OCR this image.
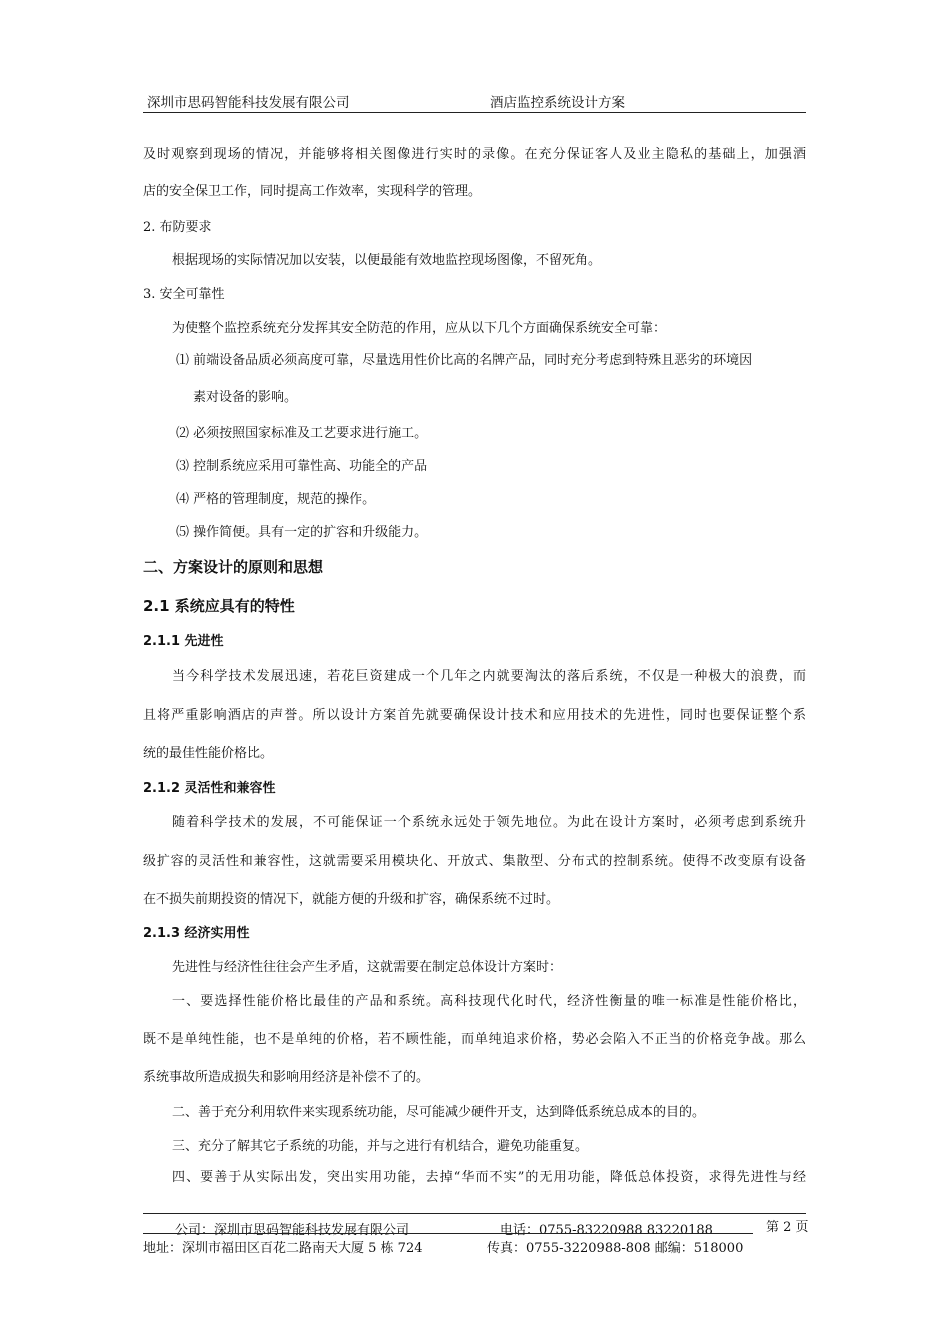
深圳市思码智能科技发展有限公司	酒店监控系统设计方案
及时观察到现场的情况，并能够将相关图像进行实时的录像。在充分保证客人及业主隐私的基础上，加强酒
店的安全保卫工作，同时提高工作效率，实现科学的管理。
2. 布防要求
根据现场的实际情况加以安装，以便最能有效地监控现场图像，不留死角。
3. 安全可靠性
为使整个监控系统充分发挥其安全防范的作用，应从以下几个方面确保系统安全可靠：
⑴ 前端设备品质必须高度可靠，尽量选用性价比高的名牌产品，同时充分考虑到特殊且恶劣的环境因
素对设备的影响。
⑵ 必须按照国家标准及工艺要求进行施工。
⑶ 控制系统应采用可靠性高、功能全的产品
⑷ 严格的管理制度，规范的操作。
⑸ 操作简便。具有一定的扩容和升级能力。
二、方案设计的原则和思想
2.1 系统应具有的特性
2.1.1 先进性
当今科学技术发展迅速，若花巨资建成一个几年之内就要淘汰的落后系统，不仅是一种极大的浪费，而
且将严重影响酒店的声誉。所以设计方案首先就要确保设计技术和应用技术的先进性，同时也要保证整个系
统的最佳性能价格比。
2.1.2 灵活性和兼容性
随着科学技术的发展，不可能保证一个系统永远处于领先地位。为此在设计方案时，必须考虑到系统升
级扩容的灵活性和兼容性，这就需要采用模块化、开放式、集散型、分布式的控制系统。使得不改变原有设备
在不损失前期投资的情况下，就能方便的升级和扩容，确保系统不过时。
2.1.3 经济实用性
先进性与经济性往往会产生矛盾，这就需要在制定总体设计方案时：
一、要选择性能价格比最佳的产品和系统。高科技现代化时代，经济性衡量的唯一标准是性能价格比，
既不是单纯性能，也不是单纯的价格，若不顾性能，而单纯追求价格，势必会陷入不正当的价格竞争战。那么
系统事故所造成损失和影响用经济是补偿不了的。
二、善于充分利用软件来实现系统功能，尽可能减少硬件开支，达到降低系统总成本的目的。
三、充分了解其它子系统的功能，并与之进行有机结合，避免功能重复。
四、要善于从实际出发，突出实用功能，去掉“华而不实”的无用功能，降低总体投资，求得先进性与经
第 2 页
公司：深圳市思码智能科技发展有限公司	电话：0755-83220988 83220188
地址：深圳市福田区百花二路南天大厦 5 栋 724	传真：0755-3220988-808 邮编：518000
